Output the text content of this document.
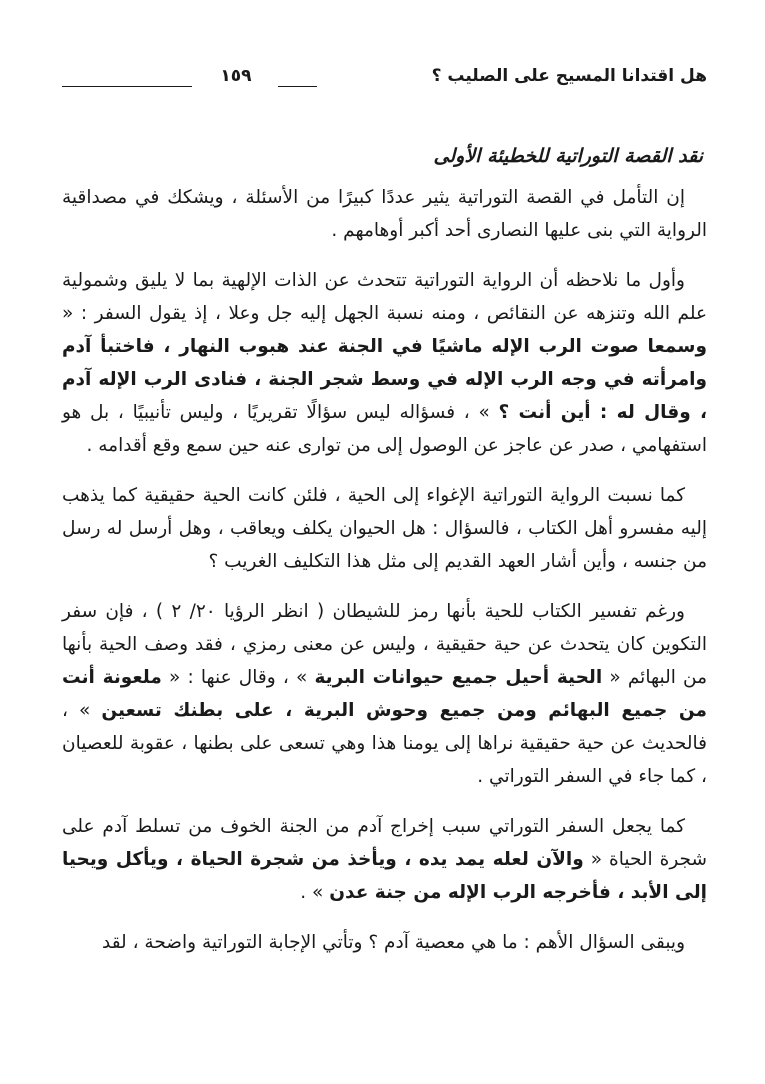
هل اقتدانا المسيح على الصليب ؟
١٥٩
نقد القصة التوراتية للخطيئة الأولى

إن التأمل في القصة التوراتية يثير عددًا كبيرًا من الأسئلة ، ويشكك في مصداقية الرواية التي بنى عليها النصارى أحد أكبر أوهامهم .

وأول ما نلاحظه أن الرواية التوراتية تتحدث عن الذات الإلهية بما لا يليق وشمولية علم الله وتنزهه عن النقائص ، ومنه نسبة الجهل إليه جل وعلا ، إذ يقول السفر : « وسمعا صوت الرب الإله ماشيًا في الجنة عند هبوب النهار ، فاختبأ آدم وامرأته في وجه الرب الإله في وسط شجر الجنة ، فنادى الرب الإله آدم ، وقال له : أين أنت ؟ » ، فسؤاله ليس سؤالًا تقريريًا ، وليس تأنيبيًا ، بل هو استفهامي ، صدر عن عاجز عن الوصول إلى من توارى عنه حين سمع وقع أقدامه .

كما نسبت الرواية التوراتية الإغواء إلى الحية ، فلئن كانت الحية حقيقية كما يذهب إليه مفسرو أهل الكتاب ، فالسؤال : هل الحيوان يكلف ويعاقب ، وهل أرسل له رسل من جنسه ، وأين أشار العهد القديم إلى مثل هذا التكليف الغريب ؟

ورغم تفسير الكتاب للحية بأنها رمز للشيطان ( انظر الرؤيا ٢٠/ ٢ ) ، فإن سفر التكوين كان يتحدث عن حية حقيقية ، وليس عن معنى رمزي ، فقد وصف الحية بأنها من البهائم « الحية أحيل جميع حيوانات البرية » ، وقال عنها : « ملعونة أنت من جميع البهائم ومن جميع وحوش البرية ، على بطنك تسعين » ، فالحديث عن حية حقيقية نراها إلى يومنا هذا وهي تسعى على بطنها ، عقوبة للعصيان ، كما جاء في السفر التوراتي .

كما يجعل السفر التوراتي سبب إخراج آدم من الجنة الخوف من تسلط آدم على شجرة الحياة « والآن لعله يمد يده ، ويأخذ من شجرة الحياة ، ويأكل ويحيا إلى الأبد ، فأخرجه الرب الإله من جنة عدن » .

ويبقى السؤال الأهم : ما هي معصية آدم ؟ وتأتي الإجابة التوراتية واضحة ، لقد
